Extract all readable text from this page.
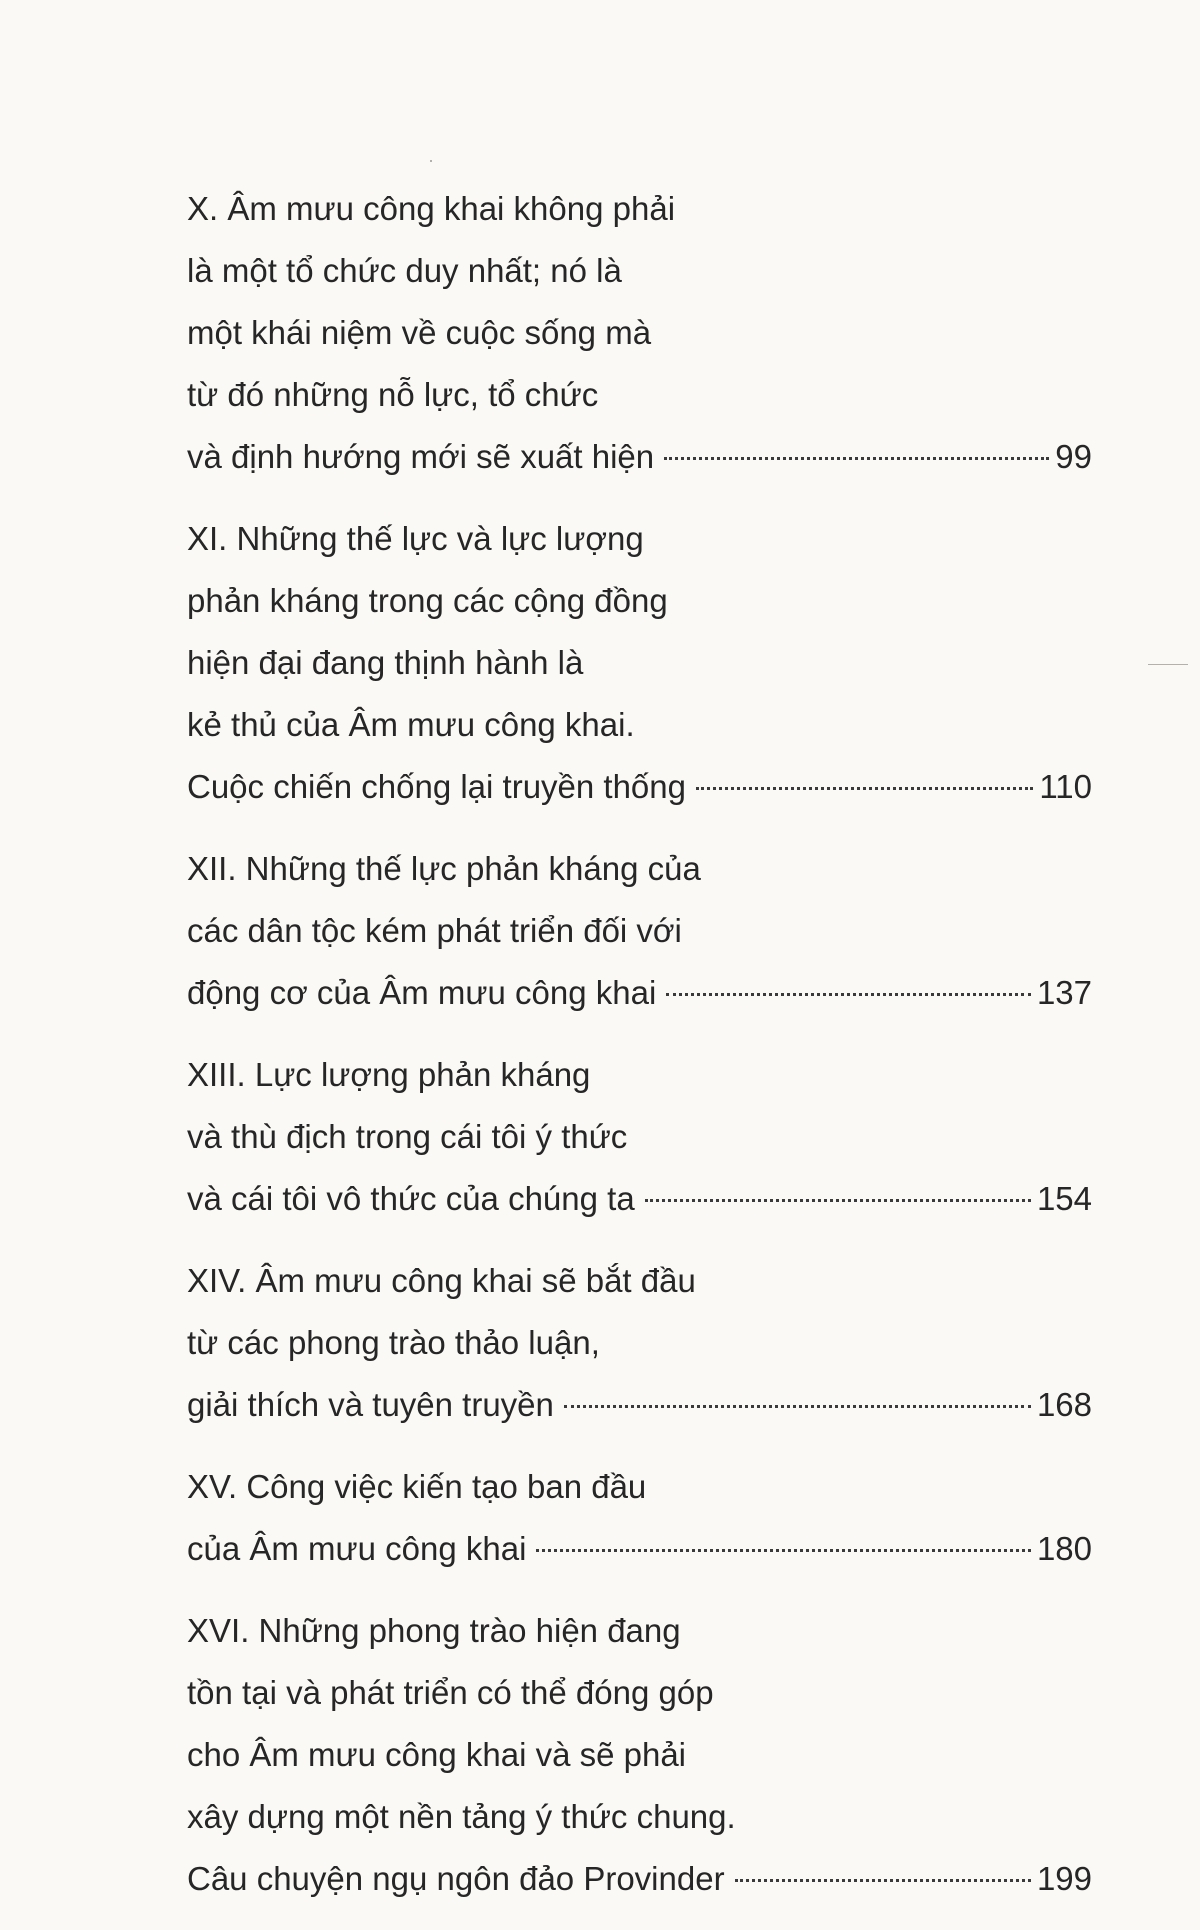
X. Âm mưu công khai không phải
là một tổ chức duy nhất; nó là
một khái niệm về cuộc sống mà
từ đó những nỗ lực, tổ chức
và định hướng mới sẽ xuất hiện	99
XI. Những thế lực và lực lượng
phản kháng trong các cộng đồng
hiện đại đang thịnh hành là
kẻ thủ của Âm mưu công khai.
Cuộc chiến chống lại truyền thống	110
XII. Những thế lực phản kháng của
các dân tộc kém phát triển đối với
động cơ của Âm mưu công khai	137
XIII. Lực lượng phản kháng
và thù địch trong cái tôi ý thức
và cái tôi vô thức của chúng ta	154
XIV. Âm mưu công khai sẽ bắt đầu
từ các phong trào thảo luận,
giải thích và tuyên truyền	168
XV. Công việc kiến tạo ban đầu
của Âm mưu công khai	180
XVI. Những phong trào hiện đang
tồn tại và phát triển có thể đóng góp
cho Âm mưu công khai và sẽ phải
xây dựng một nền tảng ý thức chung.
Câu chuyện ngụ ngôn đảo Provinder	199
